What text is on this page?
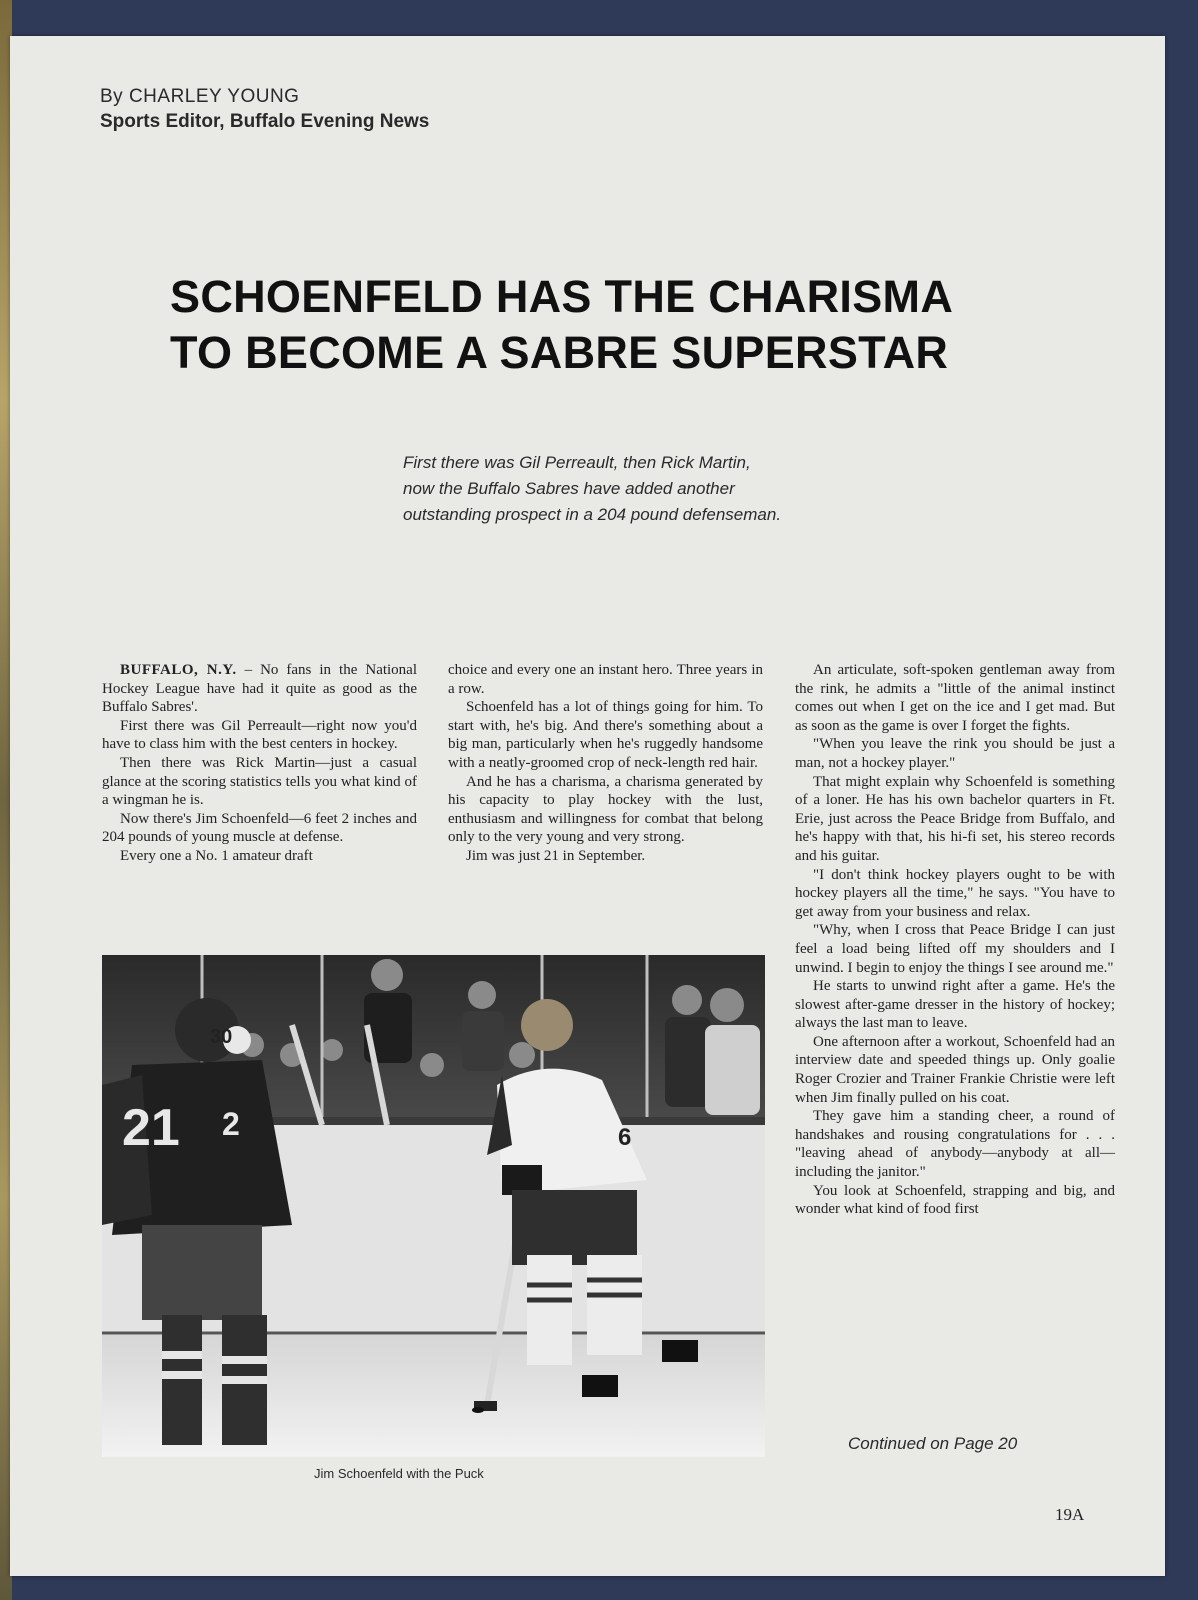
By CHARLEY YOUNG
Sports Editor, Buffalo Evening News
SCHOENFELD HAS THE CHARISMA
TO BECOME A SABRE SUPERSTAR
First there was Gil Perreault, then Rick Martin,
now the Buffalo Sabres have added another
outstanding prospect in a 204 pound defenseman.

BUFFALO, N.Y. – No fans in the National Hockey League have had it quite as good as the Buffalo Sabres'.

First there was Gil Perreault—right now you'd have to class him with the best centers in hockey.

Then there was Rick Martin—just a casual glance at the scoring statistics tells you what kind of a wingman he is.

Now there's Jim Schoenfeld—6 feet 2 inches and 204 pounds of young muscle at defense.

Every one a No. 1 amateur draft

choice and every one an instant hero. Three years in a row.

Schoenfeld has a lot of things going for him. To start with, he's big. And there's something about a big man, particularly when he's ruggedly handsome with a neatly-groomed crop of neck-length red hair.

And he has a charisma, a charisma generated by his capacity to play hockey with the lust, enthusiasm and willingness for combat that belong only to the very young and very strong.

Jim was just 21 in September.

An articulate, soft-spoken gentleman away from the rink, he admits a "little of the animal instinct comes out when I get on the ice and I get mad. But as soon as the game is over I forget the fights.

"When you leave the rink you should be just a man, not a hockey player."

That might explain why Schoenfeld is something of a loner. He has his own bachelor quarters in Ft. Erie, just across the Peace Bridge from Buffalo, and he's happy with that, his hi-fi set, his stereo records and his guitar.

"I don't think hockey players ought to be with hockey players all the time," he says. "You have to get away from your business and relax.

"Why, when I cross that Peace Bridge I can just feel a load being lifted off my shoulders and I unwind. I begin to enjoy the things I see around me."

He starts to unwind right after a game. He's the slowest after-game dresser in the history of hockey; always the last man to leave.

One afternoon after a workout, Schoenfeld had an interview date and speeded things up. Only goalie Roger Crozier and Trainer Frankie Christie were left when Jim finally pulled on his coat.

They gave him a standing cheer, a round of handshakes and rousing congratulations for . . . "leaving ahead of anybody—anybody at all—including the janitor."

You look at Schoenfeld, strapping and big, and wonder what kind of food first

21 2
30
6
Jim Schoenfeld with the Puck
Continued on Page 20
19A
